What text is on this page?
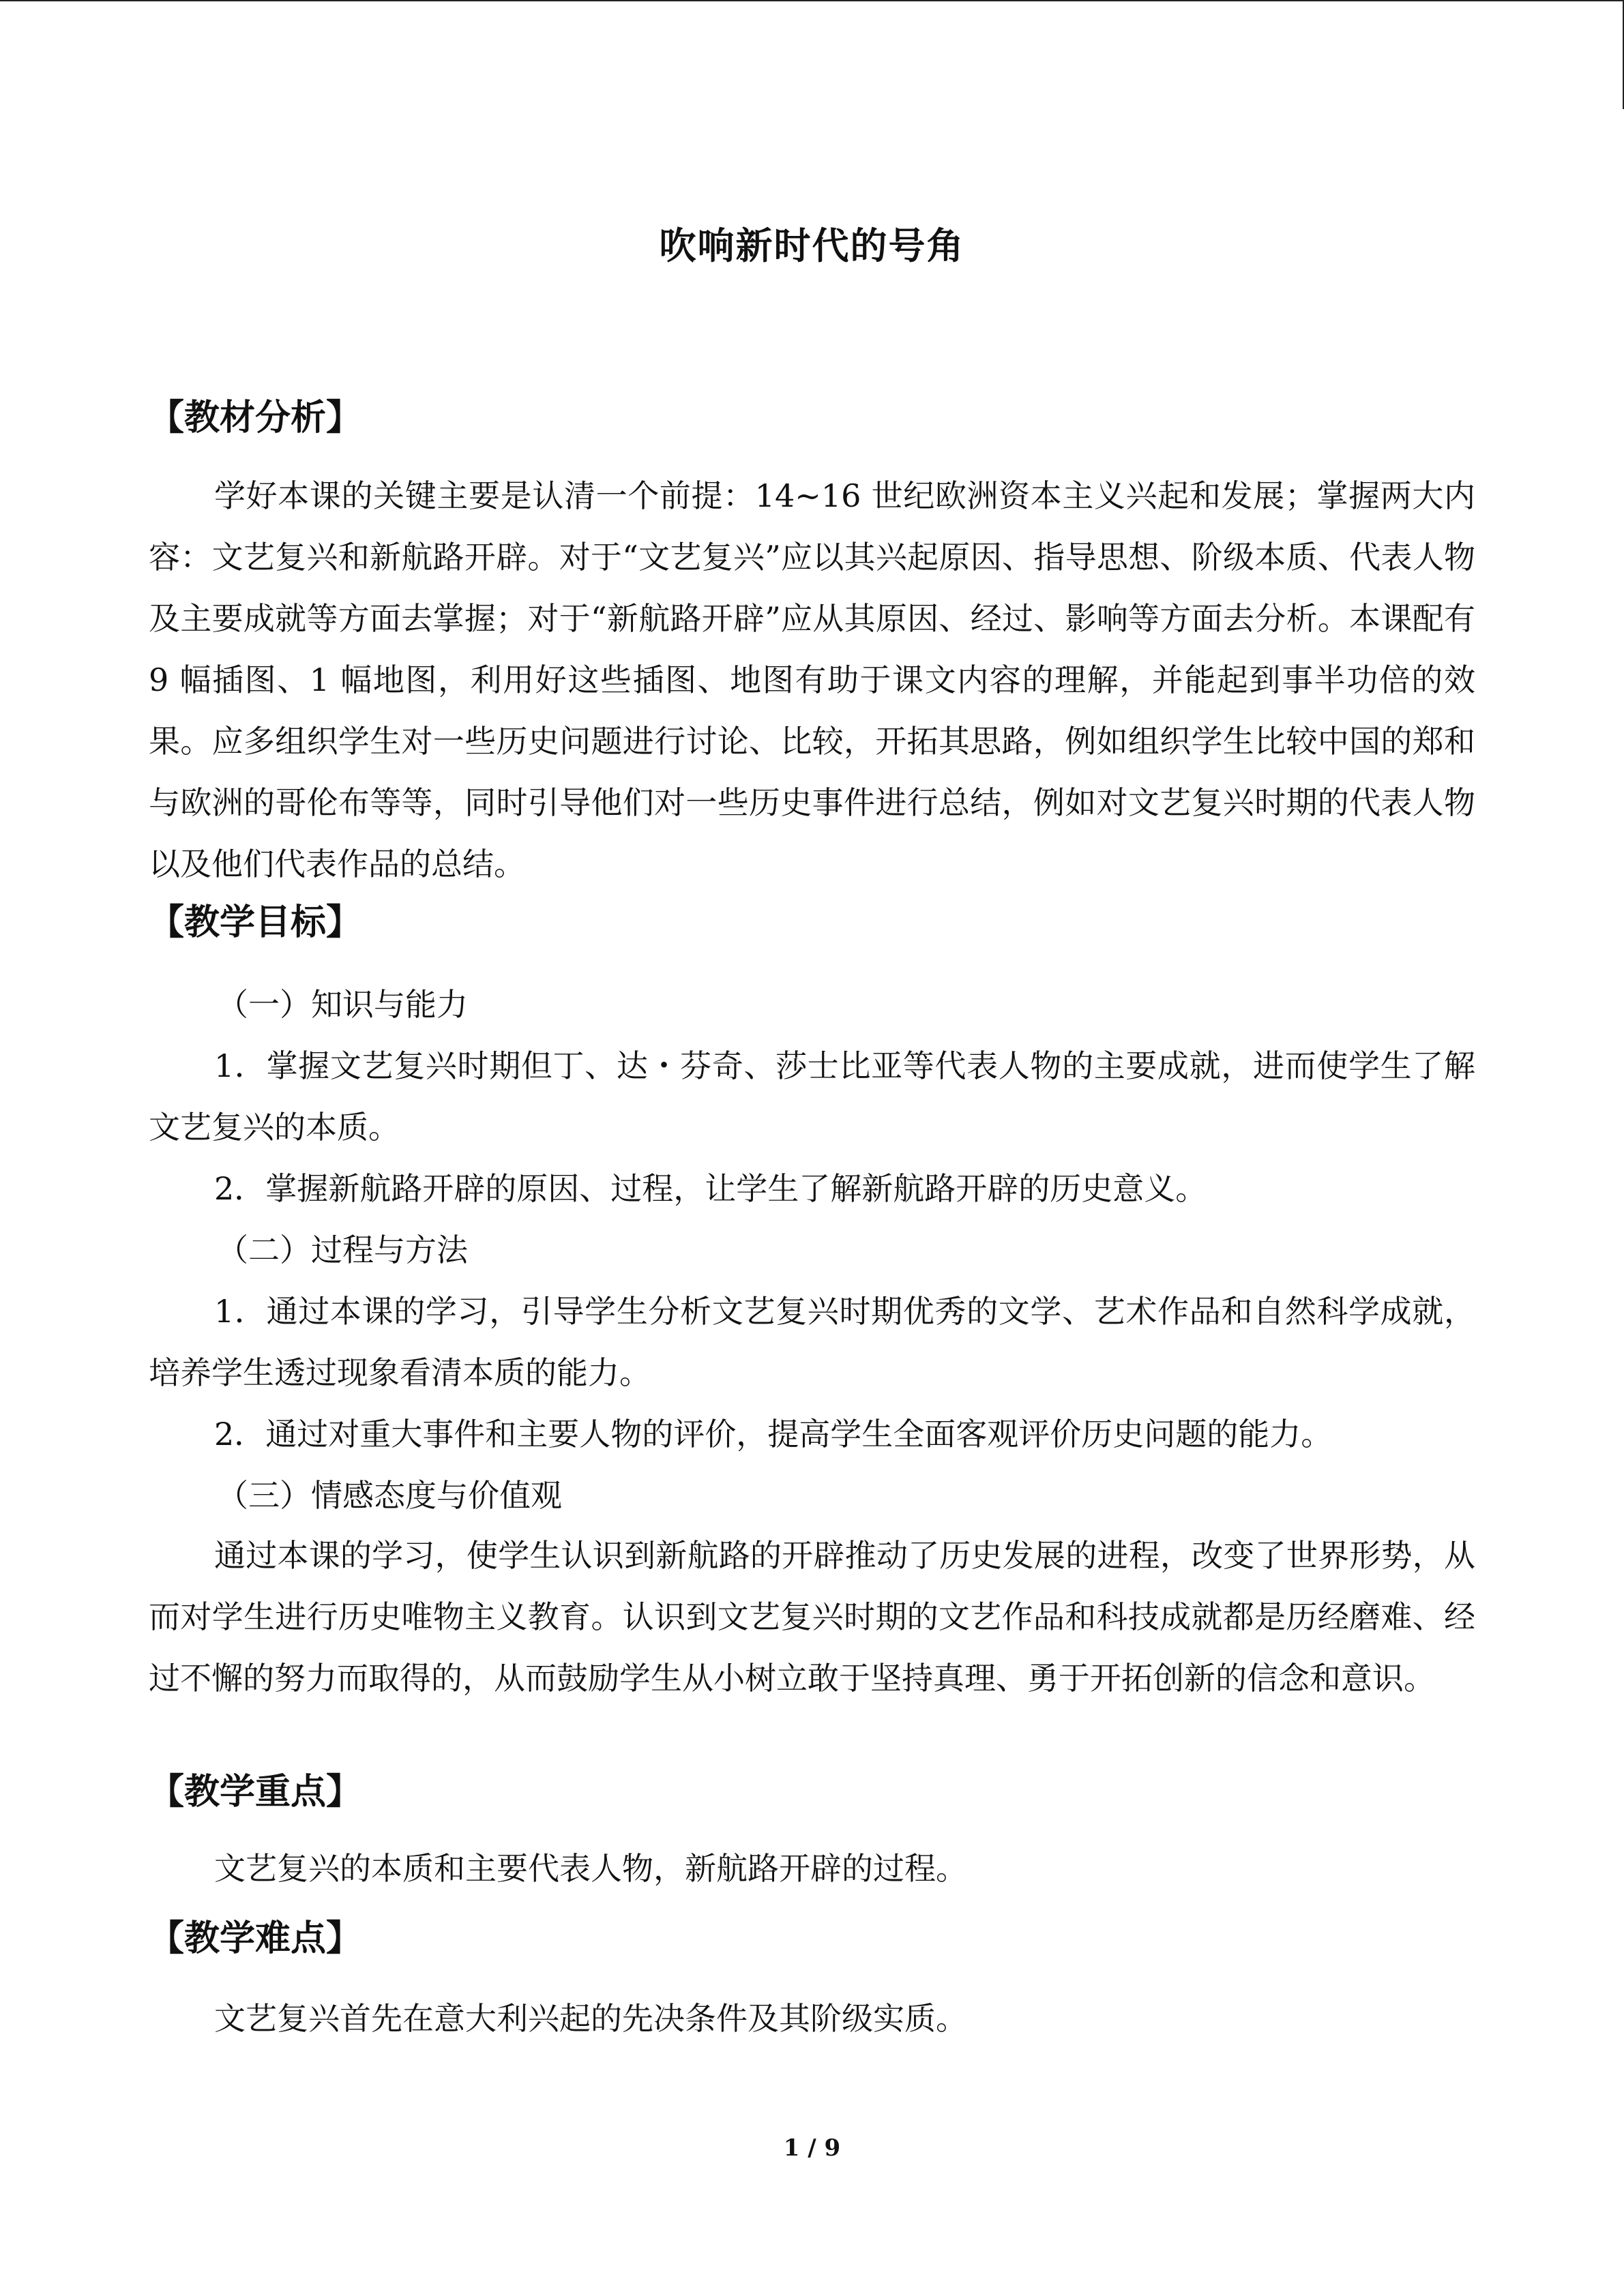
吹响新时代的号角
【教材分析】

学好本课的关键主要是认清一个前提：14~16 世纪欧洲资本主义兴起和发展；掌握两大内容：文艺复兴和新航路开辟。对于“文艺复兴”应以其兴起原因、指导思想、阶级本质、代表人物及主要成就等方面去掌握；对于“新航路开辟”应从其原因、经过、影响等方面去分析。本课配有 9 幅插图、1 幅地图，利用好这些插图、地图有助于课文内容的理解，并能起到事半功倍的效果。应多组织学生对一些历史问题进行讨论、比较，开拓其思路，例如组织学生比较中国的郑和与欧洲的哥伦布等等，同时引导他们对一些历史事件进行总结，例如对文艺复兴时期的代表人物以及他们代表作品的总结。

【教学目标】

（一）知识与能力

1．掌握文艺复兴时期但丁、达・芬奇、莎士比亚等代表人物的主要成就，进而使学生了解文艺复兴的本质。

2．掌握新航路开辟的原因、过程，让学生了解新航路开辟的历史意义。

（二）过程与方法

1．通过本课的学习，引导学生分析文艺复兴时期优秀的文学、艺术作品和自然科学成就，培养学生透过现象看清本质的能力。

2．通过对重大事件和主要人物的评价，提高学生全面客观评价历史问题的能力。

（三）情感态度与价值观

通过本课的学习，使学生认识到新航路的开辟推动了历史发展的进程，改变了世界形势，从而对学生进行历史唯物主义教育。认识到文艺复兴时期的文艺作品和科技成就都是历经磨难、经过不懈的努力而取得的，从而鼓励学生从小树立敢于坚持真理、勇于开拓创新的信念和意识。

【教学重点】

文艺复兴的本质和主要代表人物，新航路开辟的过程。

【教学难点】

文艺复兴首先在意大利兴起的先决条件及其阶级实质。

1 / 9
